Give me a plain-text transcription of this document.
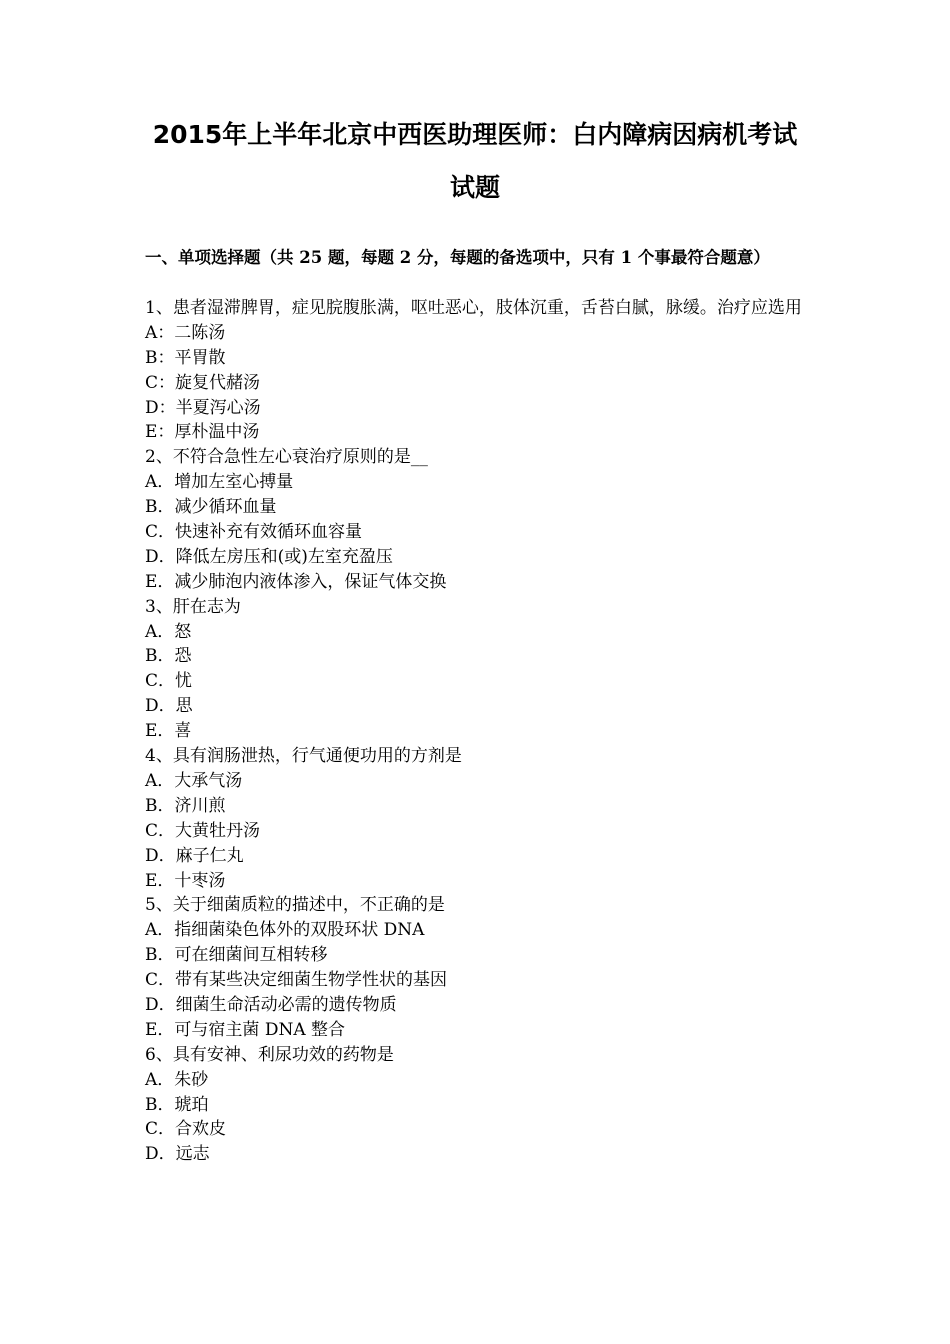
2015年上半年北京中西医助理医师：白内障病因病机考试
试题
一、单项选择题（共 25 题，每题 2 分，每题的备选项中，只有 1 个事最符合题意）
1、患者湿滞脾胃，症见脘腹胀满，呕吐恶心，肢体沉重，舌苔白腻，脉缓。治疗应选用
A：二陈汤
B：平胃散
C：旋复代赭汤
D：半夏泻心汤
E：厚朴温中汤
2、不符合急性左心衰治疗原则的是__
A．增加左室心搏量
B．减少循环血量
C．快速补充有效循环血容量
D．降低左房压和(或)左室充盈压
E．减少肺泡内液体渗入，保证气体交换
3、肝在志为
A．怒
B．恐
C．忧
D．思
E．喜
4、具有润肠泄热，行气通便功用的方剂是
A．大承气汤
B．济川煎
C．大黄牡丹汤
D．麻子仁丸
E．十枣汤
5、关于细菌质粒的描述中，不正确的是
A．指细菌染色体外的双股环状 DNA
B．可在细菌间互相转移
C．带有某些决定细菌生物学性状的基因
D．细菌生命活动必需的遗传物质
E．可与宿主菌 DNA 整合
6、具有安神、利尿功效的药物是
A．朱砂
B．琥珀
C．合欢皮
D．远志
